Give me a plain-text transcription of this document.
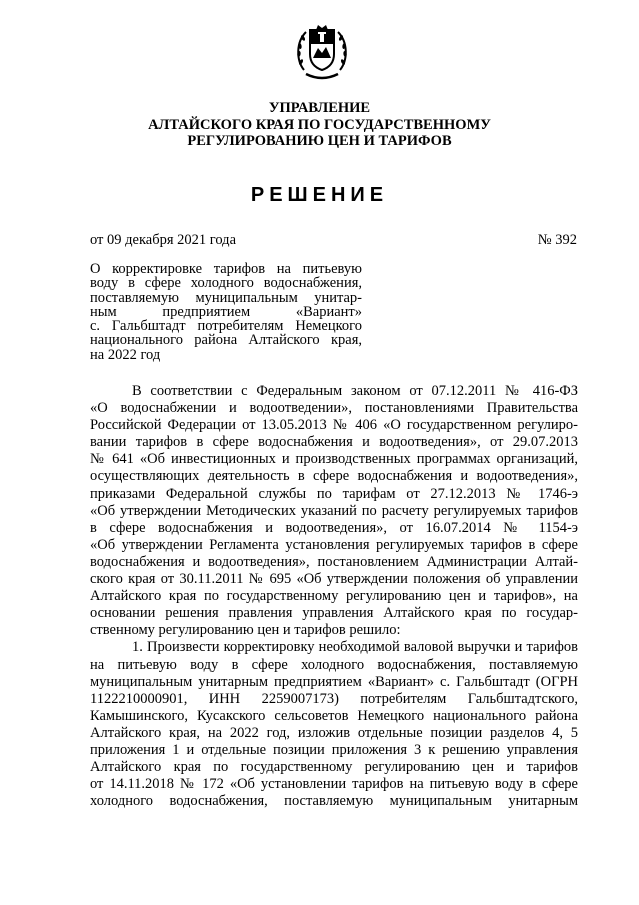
УПРАВЛЕНИЕ
АЛТАЙСКОГО КРАЯ ПО ГОСУДАРСТВЕННОМУ
РЕГУЛИРОВАНИЮ ЦЕН И ТАРИФОВ
РЕШЕНИЕ
от 09 декабря 2021 года	№ 392
О корректировке тарифов на питьевую
воду в сфере холодного водоснабжения,
поставляемую муниципальным унитар-
ным предприятием «Вариант»
с. Гальбштадт потребителям Немецкого
национального района Алтайского края,
на 2022 год
В соответствии с Федеральным законом от 07.12.2011 № 416-ФЗ
«О водоснабжении и водоотведении», постановлениями Правительства
Российской Федерации от 13.05.2013 № 406 «О государственном регулиро-
вании тарифов в сфере водоснабжения и водоотведения», от 29.07.2013
№ 641 «Об инвестиционных и производственных программах организаций,
осуществляющих деятельность в сфере водоснабжения и водоотведения»,
приказами Федеральной службы по тарифам от 27.12.2013 № 1746-э
«Об утверждении Методических указаний по расчету регулируемых тарифов
в сфере водоснабжения и водоотведения», от 16.07.2014 № 1154-э
«Об утверждении Регламента установления регулируемых тарифов в сфере
водоснабжения и водоотведения», постановлением Администрации Алтай-
ского края от 30.11.2011 № 695 «Об утверждении положения об управлении
Алтайского края по государственному регулированию цен и тарифов», на
основании решения правления управления Алтайского края по государ-
ственному регулированию цен и тарифов решило:
1. Произвести корректировку необходимой валовой выручки и тарифов
на питьевую воду в сфере холодного водоснабжения, поставляемую
муниципальным унитарным предприятием «Вариант» с. Гальбштадт (ОГРН
1122210000901, ИНН 2259007173) потребителям Гальбштадтского,
Камышинского, Кусакского сельсоветов Немецкого национального района
Алтайского края, на 2022 год, изложив отдельные позиции разделов 4, 5
приложения 1 и отдельные позиции приложения 3 к решению управления
Алтайского края по государственному регулированию цен и тарифов
от 14.11.2018 № 172 «Об установлении тарифов на питьевую воду в сфере
холодного водоснабжения, поставляемую муниципальным унитарным
